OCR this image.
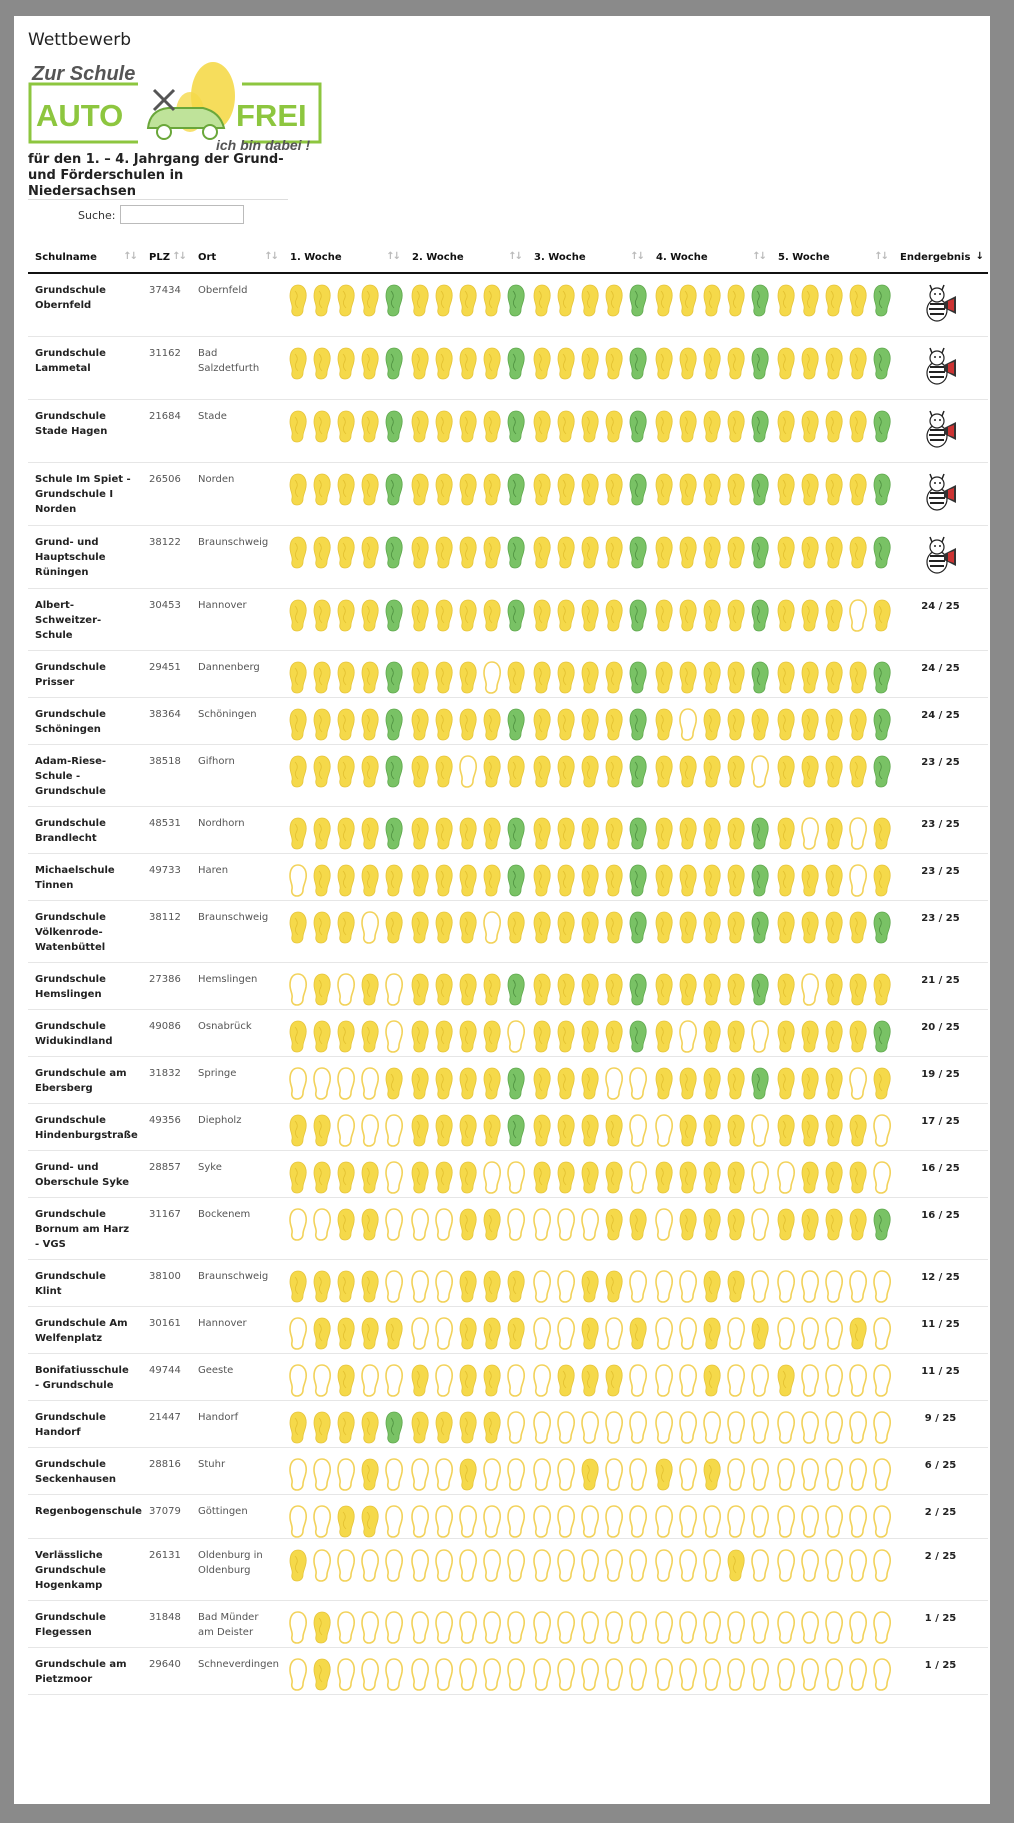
Wettbewerb
Zur Schule
AUTO	FREI
ich bin dabei !
für den 1. – 4. Jahrgang der Grund- und Förderschulen in Niedersachsen
Suche:
Schulname ↑↓	PLZ ↑↓	Ort ↑↓	1. Woche ↑↓	2. Woche ↑↓	3. Woche ↑↓	4. Woche ↑↓	5. Woche ↑↓	Endergebnis ↓

Grundschule Obernfeld	37434	Obernfeld	

Grundschule Lammetal	31162	Bad Salzdetfurth	

Grundschule Stade Hagen	21684	Stade	

Schule Im Spiet - Grundschule I Norden	26506	Norden	

Grund- und Hauptschule Rüningen	38122	Braunschweig	

Albert-Schweitzer-Schule	30453	Hannover						24 / 25
Grundschule Prisser	29451	Dannenberg						24 / 25
Grundschule Schöningen	38364	Schöningen						24 / 25
Adam-Riese-Schule - Grundschule	38518	Gifhorn						23 / 25
Grundschule Brandlecht	48531	Nordhorn						23 / 25
Michaelschule Tinnen	49733	Haren						23 / 25
Grundschule Völkenrode-Watenbüttel	38112	Braunschweig						23 / 25
Grundschule Hemslingen	27386	Hemslingen						21 / 25
Grundschule Widukindland	49086	Osnabrück						20 / 25
Grundschule am Ebersberg	31832	Springe						19 / 25
Grundschule Hindenburgstraße	49356	Diepholz						17 / 25
Grund- und Oberschule Syke	28857	Syke						16 / 25
Grundschule Bornum am Harz - VGS	31167	Bockenem						16 / 25
Grundschule Klint	38100	Braunschweig						12 / 25
Grundschule Am Welfenplatz	30161	Hannover						11 / 25
Bonifatiusschule - Grundschule	49744	Geeste						11 / 25
Grundschule Handorf	21447	Handorf						9 / 25
Grundschule Seckenhausen	28816	Stuhr						6 / 25
Regenbogenschule	37079	Göttingen						2 / 25
Verlässliche Grundschule Hogenkamp	26131	Oldenburg in Oldenburg						2 / 25
Grundschule Flegessen	31848	Bad Münder am Deister						1 / 25
Grundschule am Pietzmoor	29640	Schneverdingen						1 / 25
